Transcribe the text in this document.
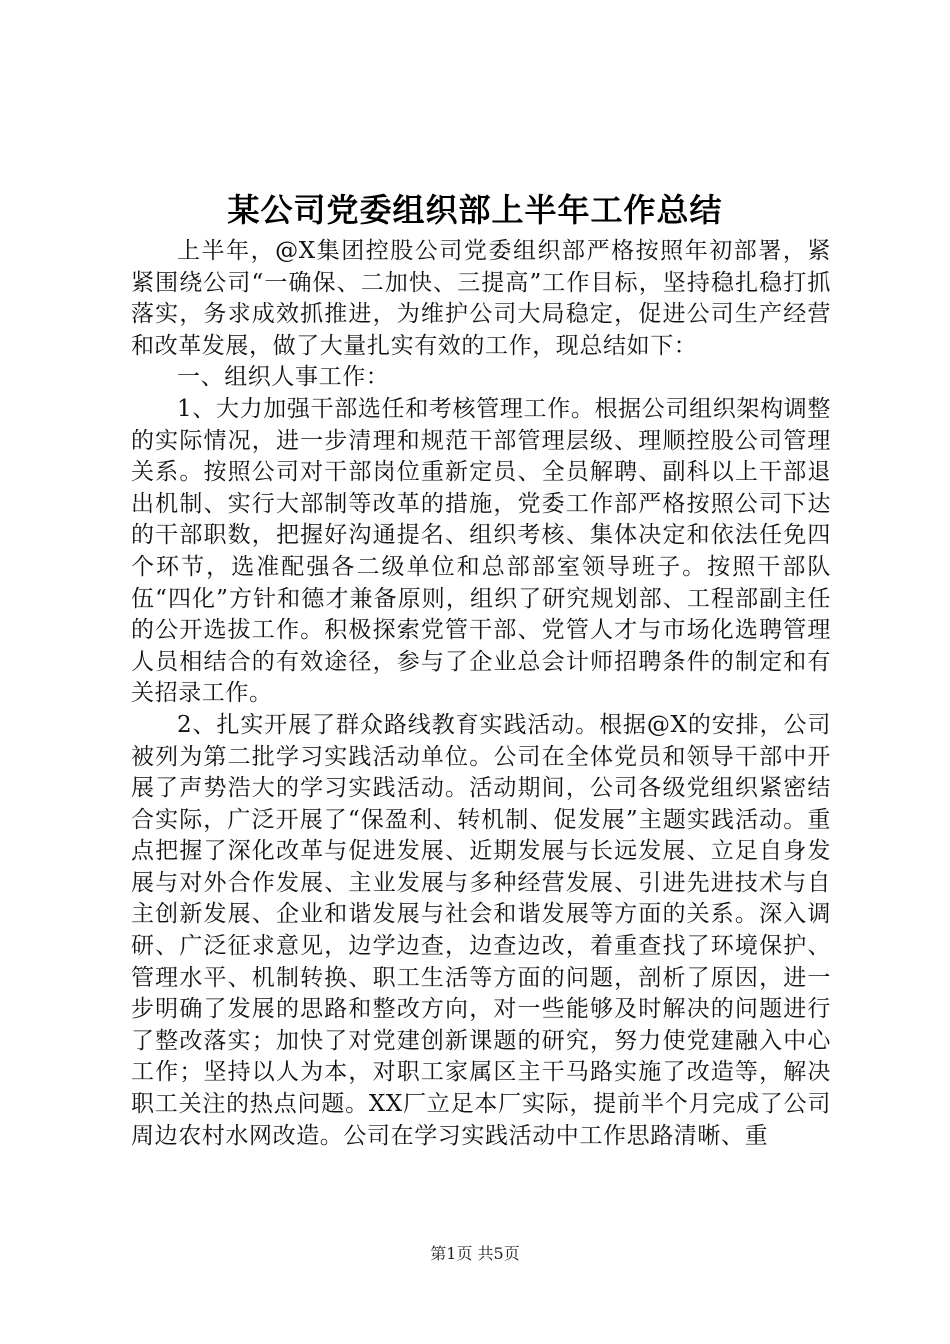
某公司党委组织部上半年工作总结

上半年，@X集团控股公司党委组织部严格按照年初部署，紧紧围绕公司“一确保、二加快、三提高”工作目标，坚持稳扎稳打抓落实，务求成效抓推进，为维护公司大局稳定，促进公司生产经营和改革发展，做了大量扎实有效的工作，现总结如下：

一、组织人事工作：

1、大力加强干部选任和考核管理工作。根据公司组织架构调整的实际情况，进一步清理和规范干部管理层级、理顺控股公司管理关系。按照公司对干部岗位重新定员、全员解聘、副科以上干部退出机制、实行大部制等改革的措施，党委工作部严格按照公司下达的干部职数，把握好沟通提名、组织考核、集体决定和依法任免四个环节，选准配强各二级单位和总部部室领导班子。按照干部队伍“四化”方针和德才兼备原则，组织了研究规划部、工程部副主任的公开选拔工作。积极探索党管干部、党管人才与市场化选聘管理人员相结合的有效途径，参与了企业总会计师招聘条件的制定和有关招录工作。

2、扎实开展了群众路线教育实践活动。根据@X的安排，公司被列为第二批学习实践活动单位。公司在全体党员和领导干部中开展了声势浩大的学习实践活动。活动期间，公司各级党组织紧密结合实际，广泛开展了“保盈利、转机制、促发展”主题实践活动。重点把握了深化改革与促进发展、近期发展与长远发展、立足自身发展与对外合作发展、主业发展与多种经营发展、引进先进技术与自主创新发展、企业和谐发展与社会和谐发展等方面的关系。深入调研、广泛征求意见，边学边查，边查边改，着重查找了环境保护、管理水平、机制转换、职工生活等方面的问题，剖析了原因，进一步明确了发展的思路和整改方向，对一些能够及时解决的问题进行了整改落实；加快了对党建创新课题的研究，努力使党建融入中心工作；坚持以人为本，对职工家属区主干马路实施了改造等，解决职工关注的热点问题。XX厂立足本厂实际，提前半个月完成了公司周边农村水网改造。公司在学习实践活动中工作思路清晰、重

第1页 共5页
